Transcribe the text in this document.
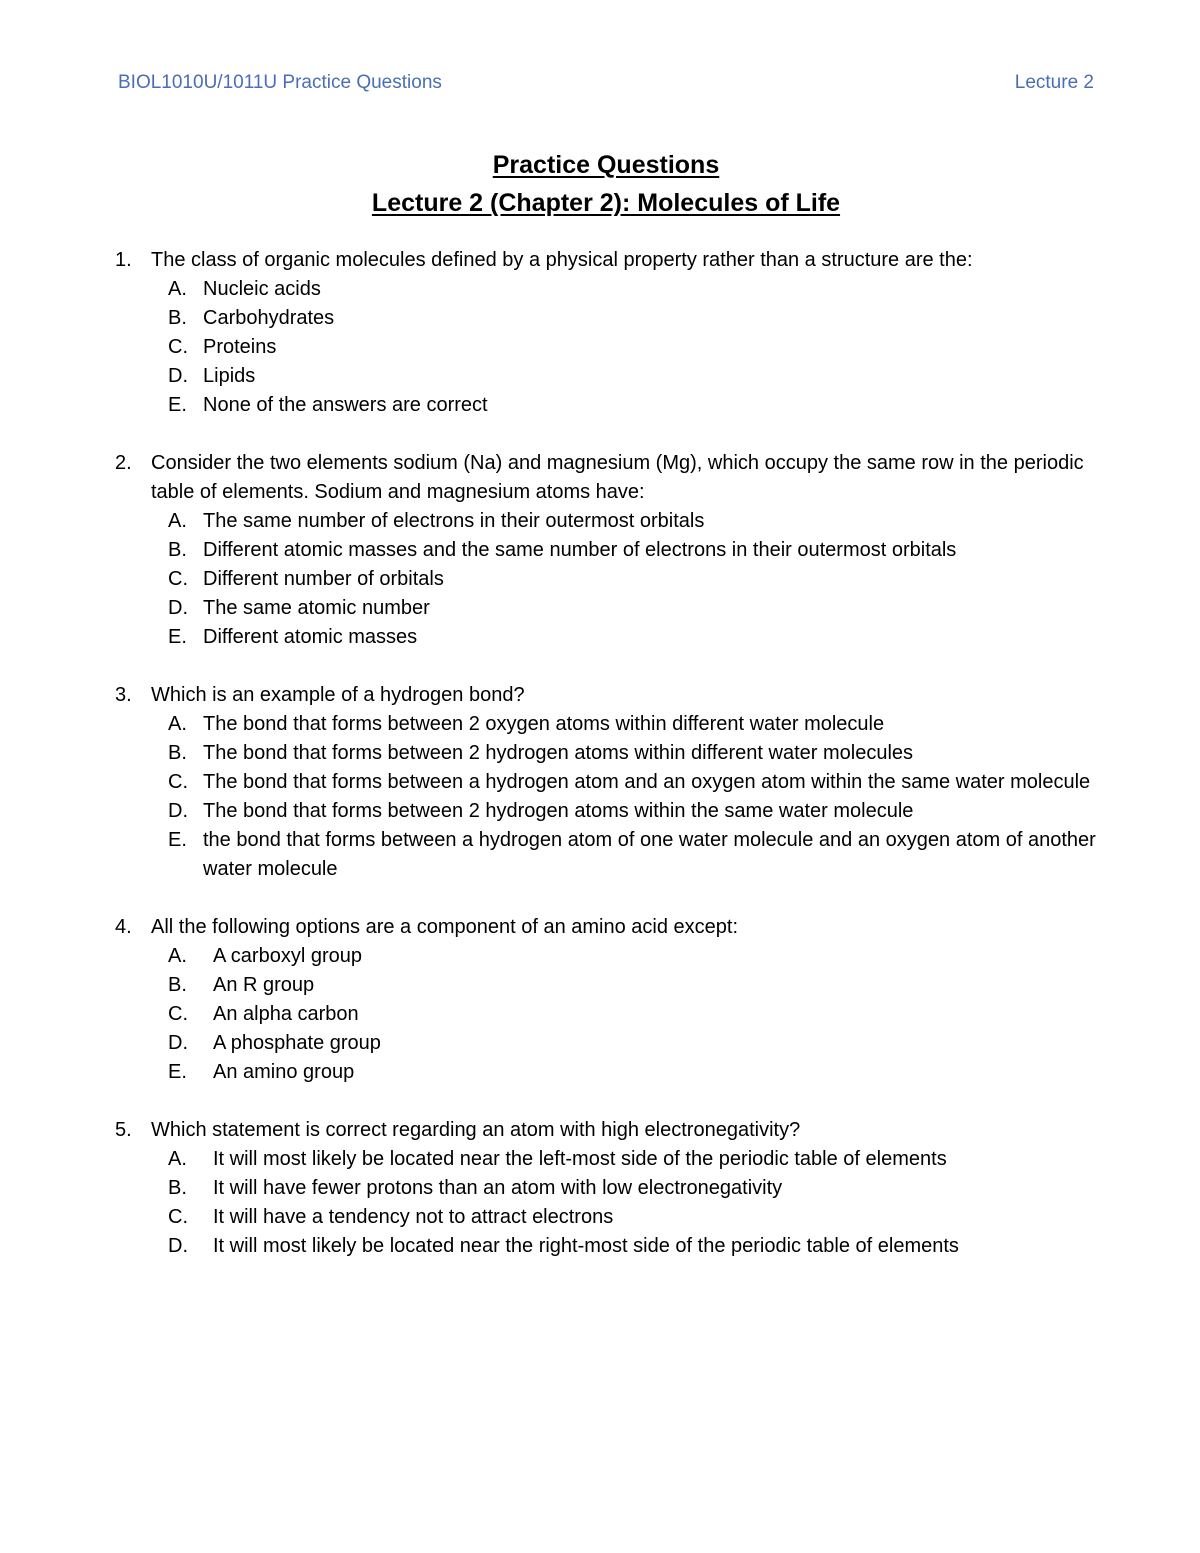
BIOL1010U/1011U Practice Questions	Lecture 2
Practice Questions
Lecture 2 (Chapter 2): Molecules of Life
1. The class of organic molecules defined by a physical property rather than a structure are the:
A. Nucleic acids
B. Carbohydrates
C. Proteins
D. Lipids
E. None of the answers are correct
2. Consider the two elements sodium (Na) and magnesium (Mg), which occupy the same row in the periodic table of elements. Sodium and magnesium atoms have:
A. The same number of electrons in their outermost orbitals
B. Different atomic masses and the same number of electrons in their outermost orbitals
C. Different number of orbitals
D. The same atomic number
E. Different atomic masses
3. Which is an example of a hydrogen bond?
A. The bond that forms between 2 oxygen atoms within different water molecule
B. The bond that forms between 2 hydrogen atoms within different water molecules
C. The bond that forms between a hydrogen atom and an oxygen atom within the same water molecule
D. The bond that forms between 2 hydrogen atoms within the same water molecule
E. the bond that forms between a hydrogen atom of one water molecule and an oxygen atom of another water molecule
4. All the following options are a component of an amino acid except:
A.	A carboxyl group
B.	An R group
C.	An alpha carbon
D.	A phosphate group
E.	An amino group
5. Which statement is correct regarding an atom with high electronegativity?
A.	It will most likely be located near the left-most side of the periodic table of elements
B.	It will have fewer protons than an atom with low electronegativity
C.	It will have a tendency not to attract electrons
D.	It will most likely be located near the right-most side of the periodic table of elements
